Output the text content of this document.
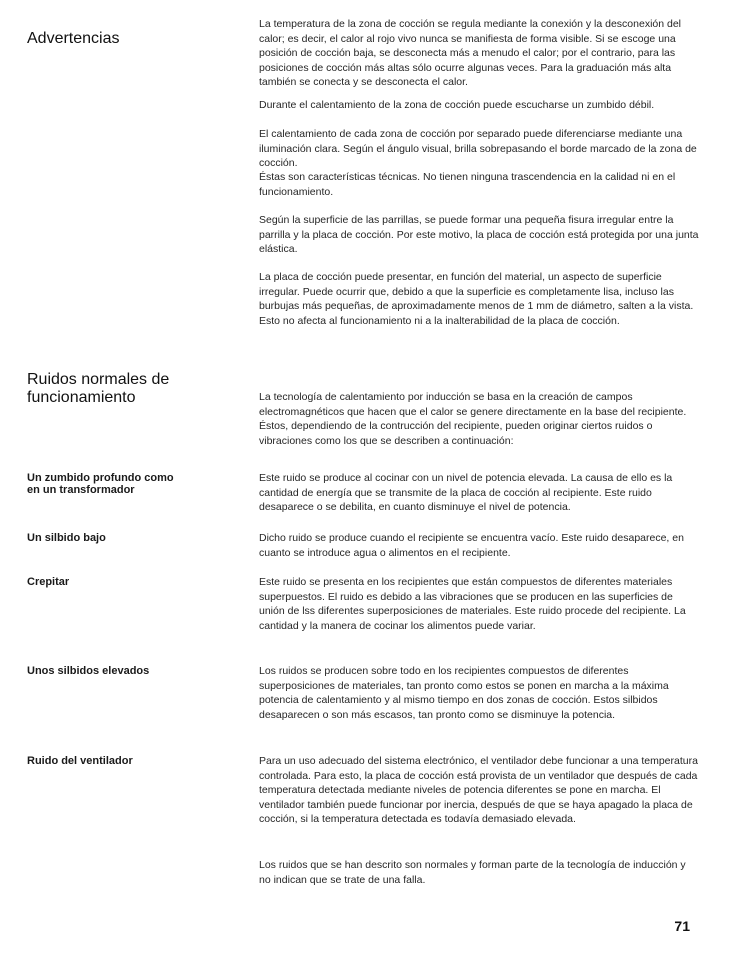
Advertencias

La temperatura de la zona de cocción se regula mediante la conexión y la desconexión del calor; es decir, el calor al rojo vivo nunca se manifiesta de forma visible. Si se escoge una posición de cocción baja, se desconecta más a menudo el calor; por el contrario, para las posiciones de cocción más altas sólo ocurre algunas veces. Para la graduación más alta también se conecta y se desconecta el calor.

Durante el calentamiento de la zona de cocción puede escucharse un zumbido débil.

El calentamiento de cada zona de cocción por separado puede diferenciarse mediante una iluminación clara. Según el ángulo visual, brilla sobrepasando el borde marcado de la zona de cocción.

Éstas son características técnicas. No tienen ninguna trascendencia en la calidad ni en el funcionamiento.

Según la superficie de las parrillas, se puede formar una pequeña fisura irregular entre la parrilla y la placa de cocción. Por este motivo, la placa de cocción está protegida por una junta elástica.

La placa de cocción puede presentar, en función del material, un aspecto de superficie irregular. Puede ocurrir que, debido a que la superficie es completamente lisa, incluso las burbujas más pequeñas, de aproximadamente menos de 1 mm de diámetro, salten a la vista. Esto no afecta al funcionamiento ni a la inalterabilidad de la placa de cocción.

Ruidos normales de funcionamiento	La tecnología de calentamiento por inducción se basa en la creación de campos electromagnéticos que hacen que el calor se genere directamente en la base del recipiente. Éstos, dependiendo de la contrucción del recipiente, pueden originar ciertos ruidos o vibraciones como los que se describen a continuación:

Un zumbido profundo como en un transformador

Este ruido se produce al cocinar con un nivel de potencia elevada. La causa de ello es la cantidad de energía que se transmite de la placa de cocción al recipiente. Este ruido desaparece o se debilita, en cuanto disminuye el nivel de potencia.

Un silbido bajo	Dicho ruido se produce cuando el recipiente se encuentra vacío. Este ruido desaparece, en cuanto se introduce agua o alimentos en el recipiente.

Crepitar	Este ruido se presenta en los recipientes que están compuestos de diferentes materiales superpuestos. El ruido es debido a las vibraciones que se producen en las superficies de unión de lss diferentes superposiciones de materiales. Este ruido procede del recipiente. La cantidad y la manera de cocinar los alimentos puede variar.

Unos silbidos elevados	Los ruidos se producen sobre todo en los recipientes compuestos de diferentes superposiciones de materiales, tan pronto como estos se ponen en marcha a la máxima potencia de calentamiento y al mismo tiempo en dos zonas de cocción. Estos silbidos desaparecen o son más escasos, tan pronto como se disminuye la potencia.

Ruido del ventilador	Para un uso adecuado del sistema electrónico, el ventilador debe funcionar a una temperatura controlada. Para esto, la placa de cocción está provista de un ventilador que después de cada temperatura detectada mediante niveles de potencia diferentes se pone en marcha. El ventilador también puede funcionar por inercia, después de que se haya apagado la placa de cocción, si la temperatura detectada es todavía demasiado elevada.

Los ruidos que se han descrito son normales y forman parte de la tecnología de inducción y no indican que se trate de una falla.

71
